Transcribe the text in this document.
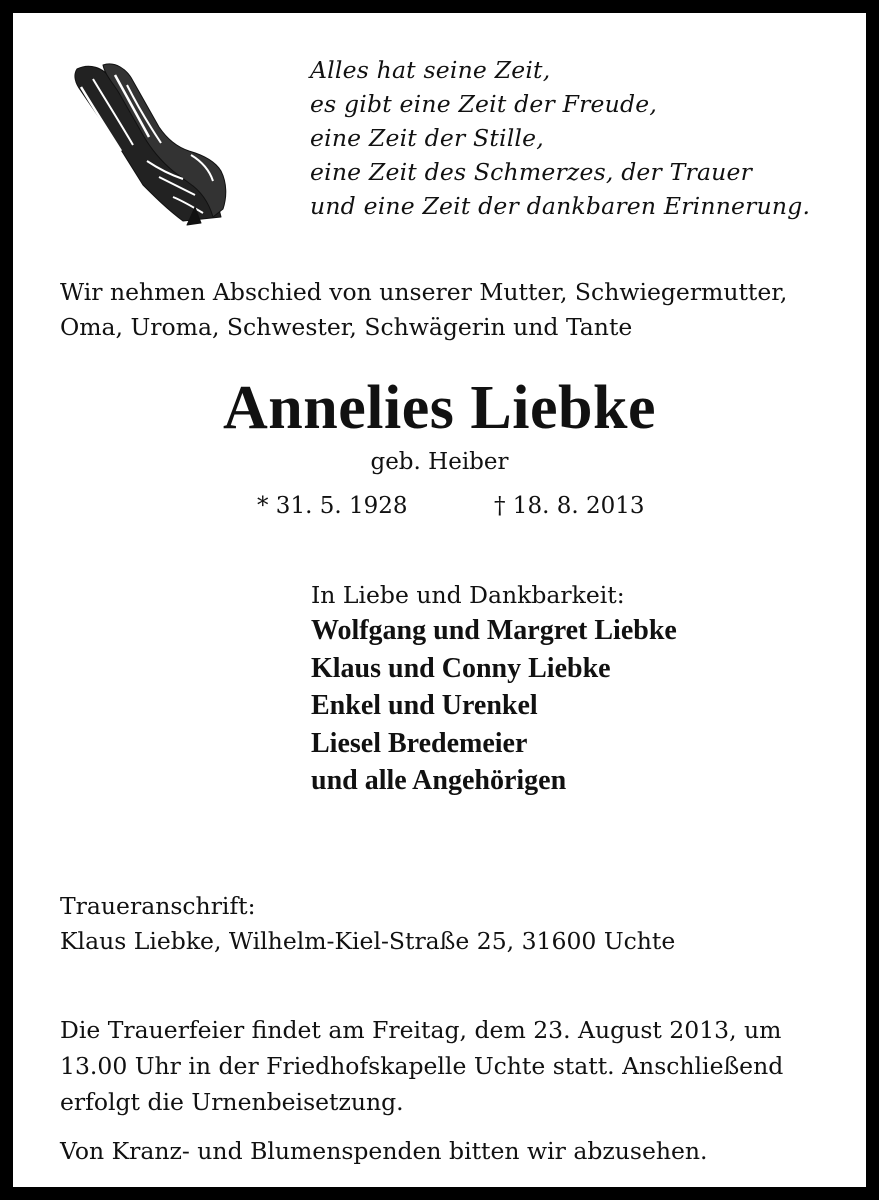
Alles hat seine Zeit,
es gibt eine Zeit der Freude,
eine Zeit der Stille,
eine Zeit des Schmerzes, der Trauer
und eine Zeit der dankbaren Erinnerung.
Wir nehmen Abschied von unserer Mutter, Schwiegermutter,
Oma, Uroma, Schwester, Schwägerin und Tante
Annelies Liebke
geb. Heiber
* 31. 5. 1928	† 18. 8. 2013
In Liebe und Dankbarkeit:
Wolfgang und Margret Liebke
Klaus und Conny Liebke
Enkel und Urenkel
Liesel Bredemeier
und alle Angehörigen
Traueranschrift:
Klaus Liebke, Wilhelm-Kiel-Straße 25, 31600 Uchte
Die Trauerfeier findet am Freitag, dem 23. August 2013, um
13.00 Uhr in der Friedhofskapelle Uchte statt. Anschließend
erfolgt die Urnenbeisetzung.
Von Kranz- und Blumenspenden bitten wir abzusehen.
